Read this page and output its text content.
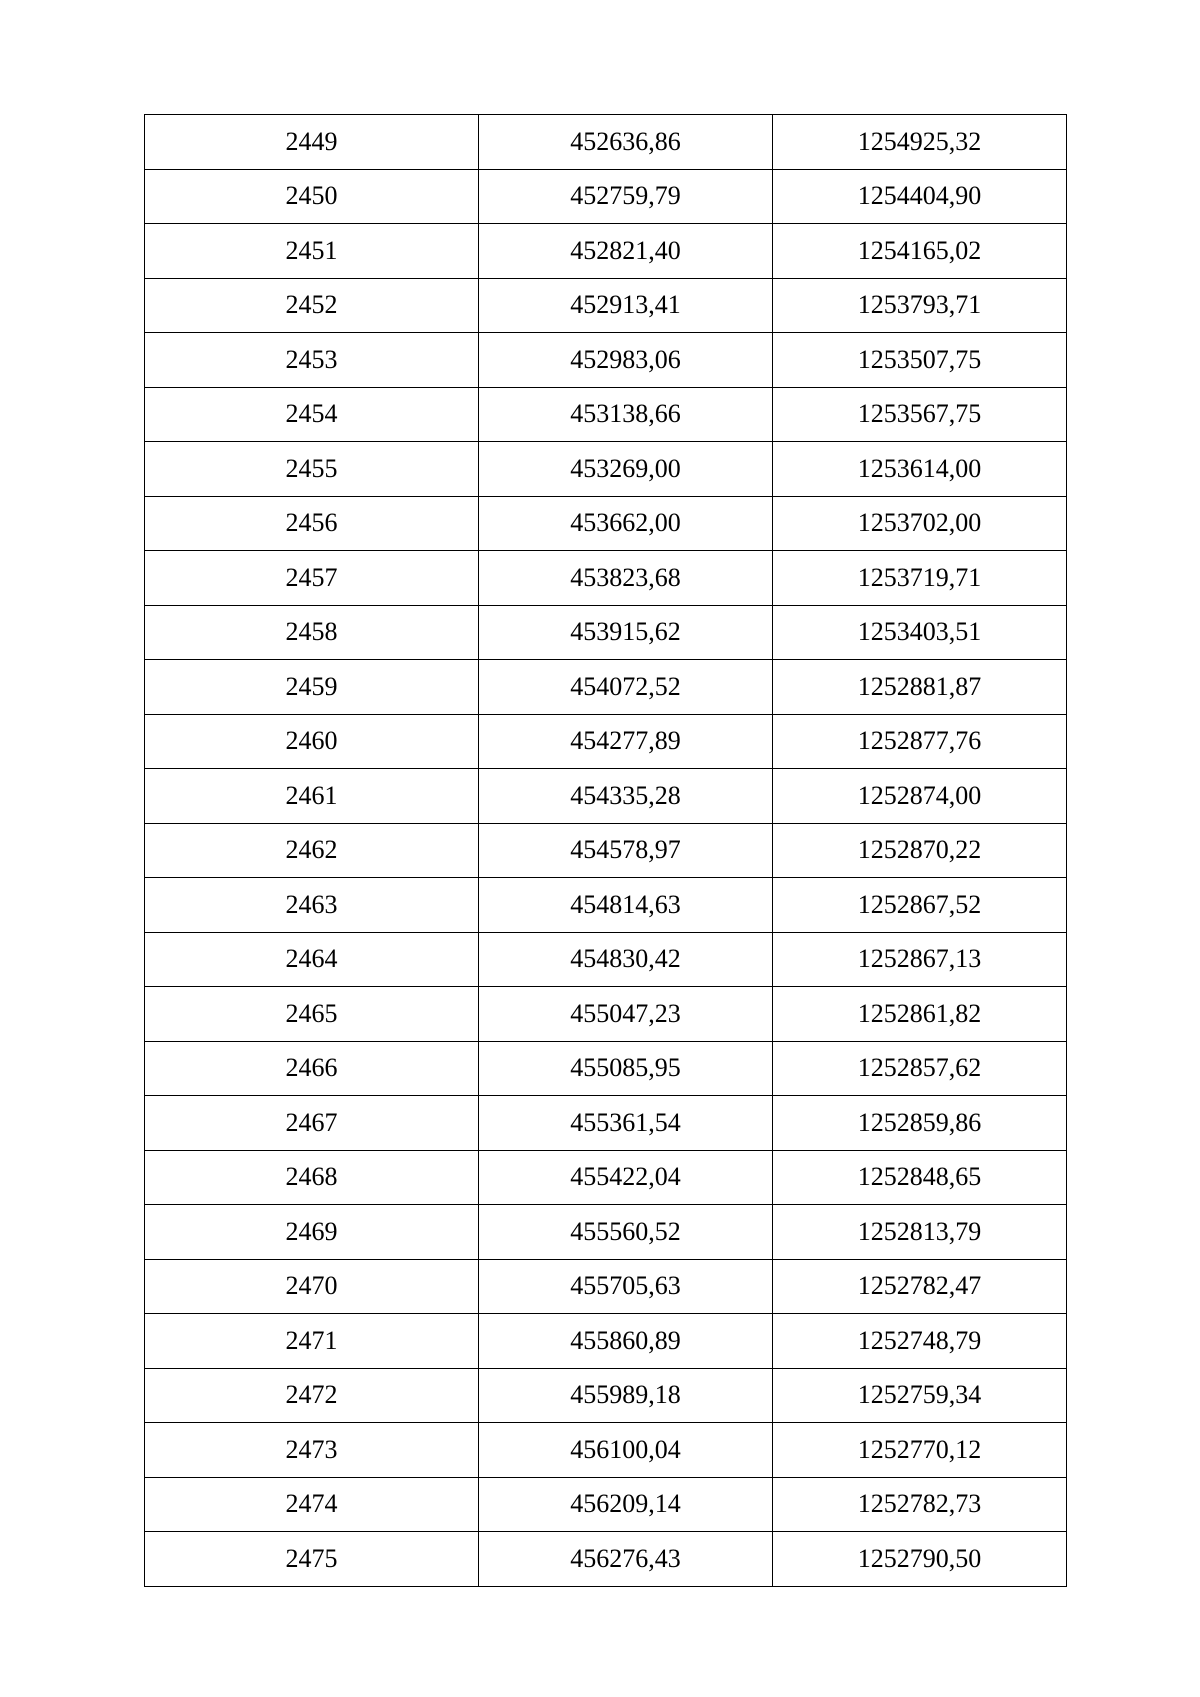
2449	452636,86	1254925,32
2450	452759,79	1254404,90
2451	452821,40	1254165,02
2452	452913,41	1253793,71
2453	452983,06	1253507,75
2454	453138,66	1253567,75
2455	453269,00	1253614,00
2456	453662,00	1253702,00
2457	453823,68	1253719,71
2458	453915,62	1253403,51
2459	454072,52	1252881,87
2460	454277,89	1252877,76
2461	454335,28	1252874,00
2462	454578,97	1252870,22
2463	454814,63	1252867,52
2464	454830,42	1252867,13
2465	455047,23	1252861,82
2466	455085,95	1252857,62
2467	455361,54	1252859,86
2468	455422,04	1252848,65
2469	455560,52	1252813,79
2470	455705,63	1252782,47
2471	455860,89	1252748,79
2472	455989,18	1252759,34
2473	456100,04	1252770,12
2474	456209,14	1252782,73
2475	456276,43	1252790,50
